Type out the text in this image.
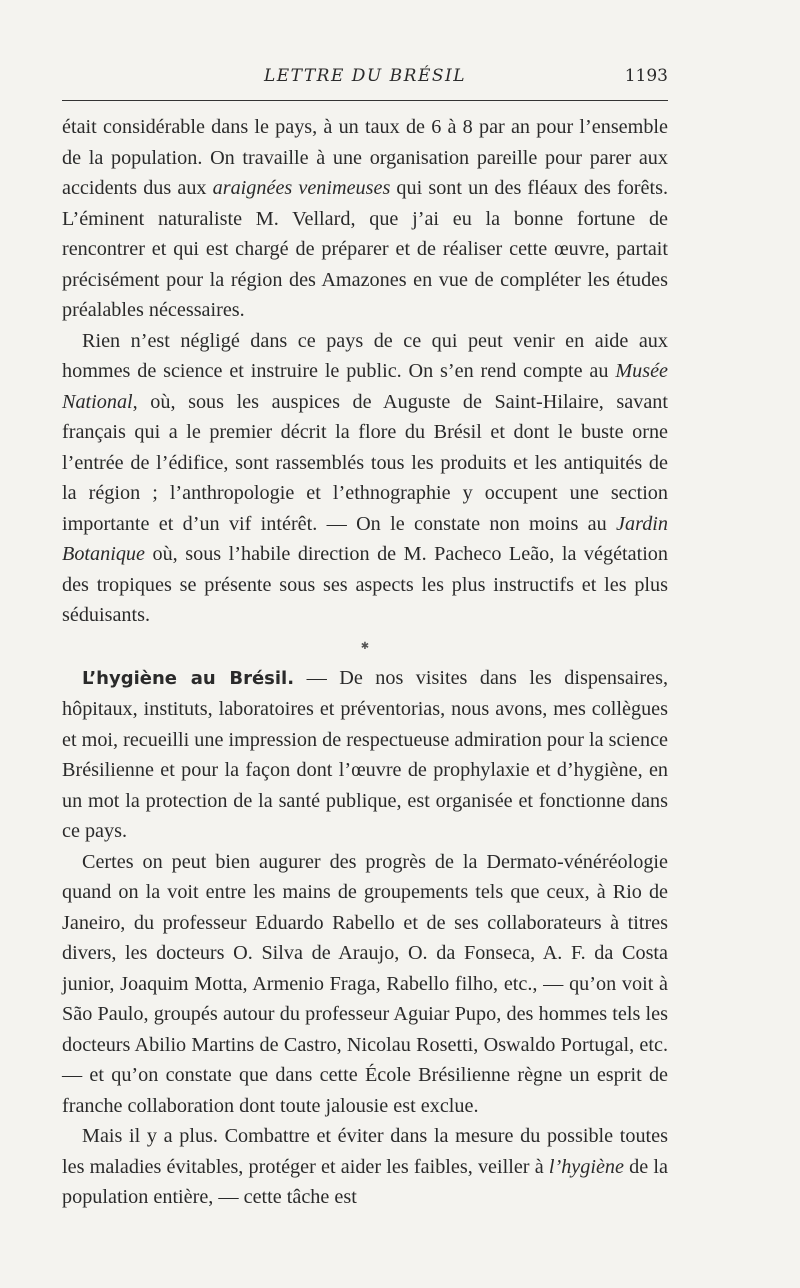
LETTRE DU BRÉSIL	1193

était considérable dans le pays, à un taux de 6 à 8 par an pour l’ensemble de la population. On travaille à une organisation pareille pour parer aux accidents dus aux araignées venimeuses qui sont un des fléaux des forêts. L’éminent naturaliste M. Vellard, que j’ai eu la bonne fortune de rencontrer et qui est chargé de préparer et de réaliser cette œuvre, partait précisément pour la région des Amazones en vue de compléter les études préalables nécessaires.

Rien n’est négligé dans ce pays de ce qui peut venir en aide aux hommes de science et instruire le public. On s’en rend compte au Musée National, où, sous les auspices de Auguste de Saint-Hilaire, savant français qui a le premier décrit la flore du Brésil et dont le buste orne l’entrée de l’édifice, sont rassemblés tous les produits et les antiquités de la région ; l’anthropologie et l’ethnographie y occupent une section importante et d’un vif intérêt. — On le constate non moins au Jardin Botanique où, sous l’habile direction de M. Pacheco Leão, la végétation des tropiques se présente sous ses aspects les plus instructifs et les plus séduisants.

✱

L’hygiène au Brésil. — De nos visites dans les dispensaires, hôpitaux, instituts, laboratoires et préventorias, nous avons, mes collègues et moi, recueilli une impression de respectueuse admiration pour la science Brésilienne et pour la façon dont l’œuvre de prophylaxie et d’hygiène, en un mot la protection de la santé publique, est organisée et fonctionne dans ce pays.

Certes on peut bien augurer des progrès de la Dermato-vénéréologie quand on la voit entre les mains de groupements tels que ceux, à Rio de Janeiro, du professeur Eduardo Rabello et de ses collaborateurs à titres divers, les docteurs O. Silva de Araujo, O. da Fonseca, A. F. da Costa junior, Joaquim Motta, Armenio Fraga, Rabello filho, etc., — qu’on voit à São Paulo, groupés autour du professeur Aguiar Pupo, des hommes tels les docteurs Abilio Martins de Castro, Nicolau Rosetti, Oswaldo Portugal, etc. — et qu’on constate que dans cette École Brésilienne règne un esprit de franche collaboration dont toute jalousie est exclue.

Mais il y a plus. Combattre et éviter dans la mesure du possible toutes les maladies évitables, protéger et aider les faibles, veiller à l’hygiène de la population entière, — cette tâche est
